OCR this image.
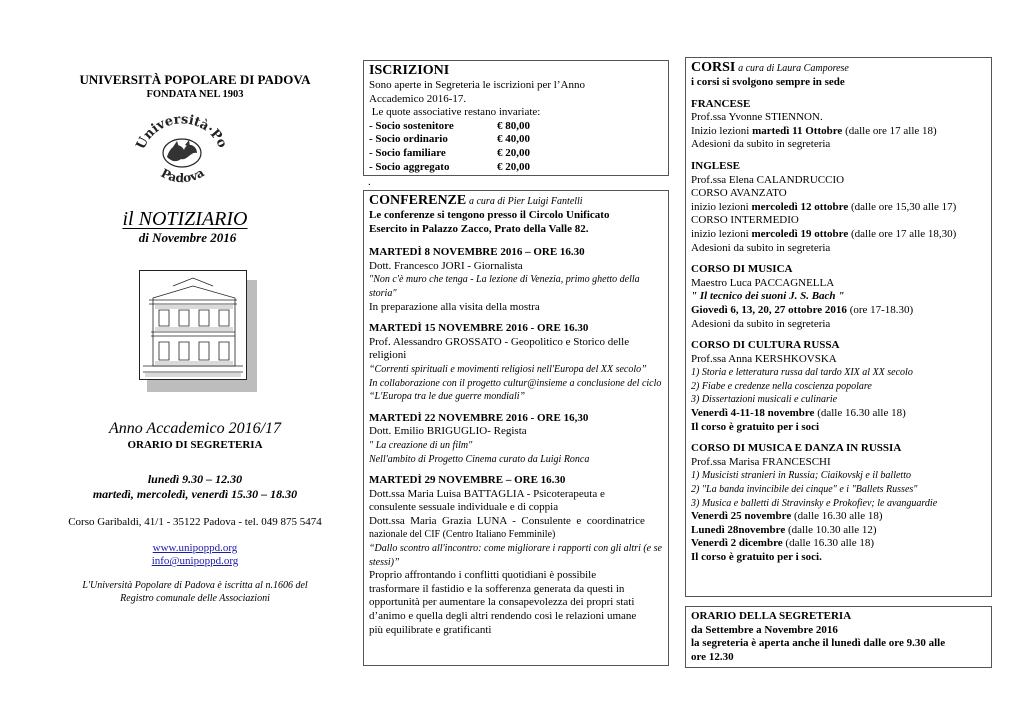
UNIVERSITÀ POPOLARE DI PADOVA
FONDATA NEL 1903
Università·Po
Padova
il NOTIZIARIO
di Novembre 2016
Anno Accademico 2016/17
ORARIO DI SEGRETERIA
lunedì 9.30 – 12.30
martedì, mercoledì, venerdì 15.30 – 18.30
Corso Garibaldi, 41/1 - 35122 Padova - tel. 049 875 5474
www.unipoppd.org
info@unipoppd.org
L'Università Popolare di Padova è iscritta al n.1606 del
Registro comunale delle Associazioni
ISCRIZIONI
Sono aperte in Segreteria le iscrizioni per l’Anno
Accademico 2016-17.
Le quote associative restano invariate:
- Socio sostenitore	€ 80,00
- Socio ordinario	€ 40,00
- Socio familiare	€ 20,00
- Socio aggregato	€ 20,00
.
CONFERENZE a cura di Pier Luigi Fantelli
Le conferenze si tengono presso il Circolo Unificato
Esercito in Palazzo Zacco, Prato della Valle 82.
MARTEDÌ 8 NOVEMBRE 2016 – ORE 16.30
Dott. Francesco JORI - Giornalista
"Non c'è muro che tenga - La lezione di Venezia, primo ghetto della
storia"
In preparazione alla visita della mostra
MARTEDÌ 15 NOVEMBRE 2016 - ORE 16.30
Prof. Alessandro GROSSATO - Geopolitico e Storico delle
religioni
“Correnti spirituali e movimenti religiosi nell'Europa del XX secolo”
In collaborazione con il progetto cultur@insieme a conclusione del ciclo
“L'Europa tra le due guerre mondiali”
MARTEDÌ 22 NOVEMBRE 2016 - ORE 16,30
Dott. Emilio BRIGUGLIO- Regista
" La creazione di un film"
Nell'ambito di Progetto Cinema curato da Luigi Ronca
MARTEDÌ 29 NOVEMBRE – ORE 16.30
Dott.ssa Maria Luisa BATTAGLIA - Psicoterapeuta e
consulente sessuale individuale e di coppia
Dott.ssa  Maria  Grazia  LUNA  -  Consulente  e  coordinatrice
nazionale del CIF (Centro Italiano Femminile)
“Dallo scontro all'incontro: come migliorare i rapporti con gli altri (e se
stessi)”
Proprio affrontando i conflitti quotidiani è possibile
trasformare il fastidio e la sofferenza generata da questi in
opportunità per aumentare la consapevolezza dei propri stati
d’animo e quella degli altri rendendo così le relazioni umane
più equilibrate e gratificanti
CORSI a cura di Laura Camporese
i corsi si svolgono sempre in sede
FRANCESE
Prof.ssa Yvonne STIENNON.
Inizio lezioni martedì 11 Ottobre (dalle ore 17 alle 18)
Adesioni da subito in segreteria
INGLESE
Prof.ssa Elena CALANDRUCCIO
CORSO AVANZATO
inizio lezioni mercoledì 12 ottobre (dalle ore 15,30 alle 17)
CORSO INTERMEDIO
inizio lezioni mercoledì 19 ottobre (dalle ore 17 alle 18,30)
Adesioni da subito in segreteria
CORSO DI MUSICA
Maestro Luca PACCAGNELLA
" Il tecnico dei suoni J. S. Bach "
Giovedì 6, 13, 20, 27 ottobre 2016 (ore 17-18.30)
Adesioni da subito in segreteria
CORSO DI CULTURA RUSSA
Prof.ssa Anna KERSHKOVSKA
1) Storia e letteratura russa dal tardo XIX al XX secolo
2) Fiabe e credenze nella coscienza popolare
3) Dissertazioni musicali e culinarie
Venerdì 4-11-18 novembre (dalle 16.30 alle 18)
Il corso è gratuito per i soci
CORSO DI MUSICA E DANZA IN RUSSIA
Prof.ssa Marisa FRANCESCHI
1) Musicisti stranieri in Russia; Ciaikovskj e il balletto
2) "La banda invincibile dei cinque" e i "Ballets Russes"
3) Musica e balletti di Stravinsky e Prokofiev; le avanguardie
Venerdì 25 novembre (dalle 16.30 alle 18)
Lunedì 28novembre (dalle 10.30 alle 12)
Venerdì 2 dicembre (dalle 16.30 alle 18)
Il corso è gratuito per i soci.
ORARIO DELLA SEGRETERIA
da Settembre a Novembre 2016
la segreteria è aperta anche il lunedì dalle ore 9.30 alle
ore 12.30
